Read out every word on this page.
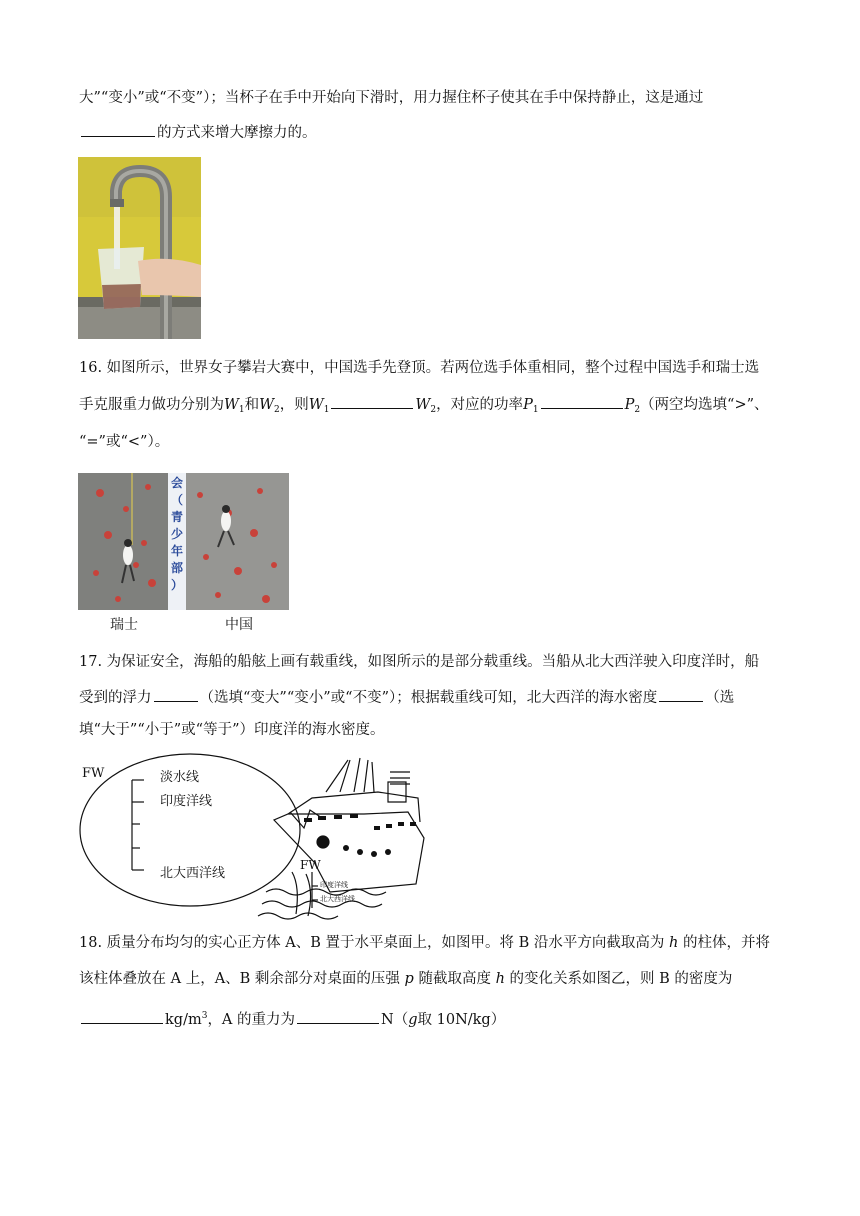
大”“变小”或“不变”）；当杯子在手中开始向下滑时，用力握住杯子使其在手中保持静止，这是通过
的方式来增大摩擦力的。
16. 如图所示，世界女子攀岩大赛中，中国选手先登顶。若两位选手体重相同，整个过程中国选手和瑞士选
手克服重力做功分别为$W_1$和$W_2$，则$W_1$	$W_2$，对应的功率$P_1$	$P_2$（两空均选填“>”、
“=”或“<”）。
会
（
青
少
年
部
）
瑞士	中国
17. 为保证安全，海船的船舷上画有载重线，如图所示的是部分载重线。当船从北大西洋驶入印度洋时，船
受到的浮力	（选填“变大”“变小”或“不变”）；根据载重线可知，北大西洋的海水密度	（选
填“大于”“小于”或“等于”）印度洋的海水密度。
FW	淡水线
印度洋线
北大西洋线
FW
印度洋线
北大西洋线
18. 质量分布均匀的实心正方体 A、B 置于水平桌面上，如图甲。将 B 沿水平方向截取高为 h 的柱体，并将
该柱体叠放在 A 上，A、B 剩余部分对桌面的压强 p 随截取高度 h 的变化关系如图乙，则 B 的密度为
$kg/m^3$，A 的重力为	N（g取 10N/kg）
